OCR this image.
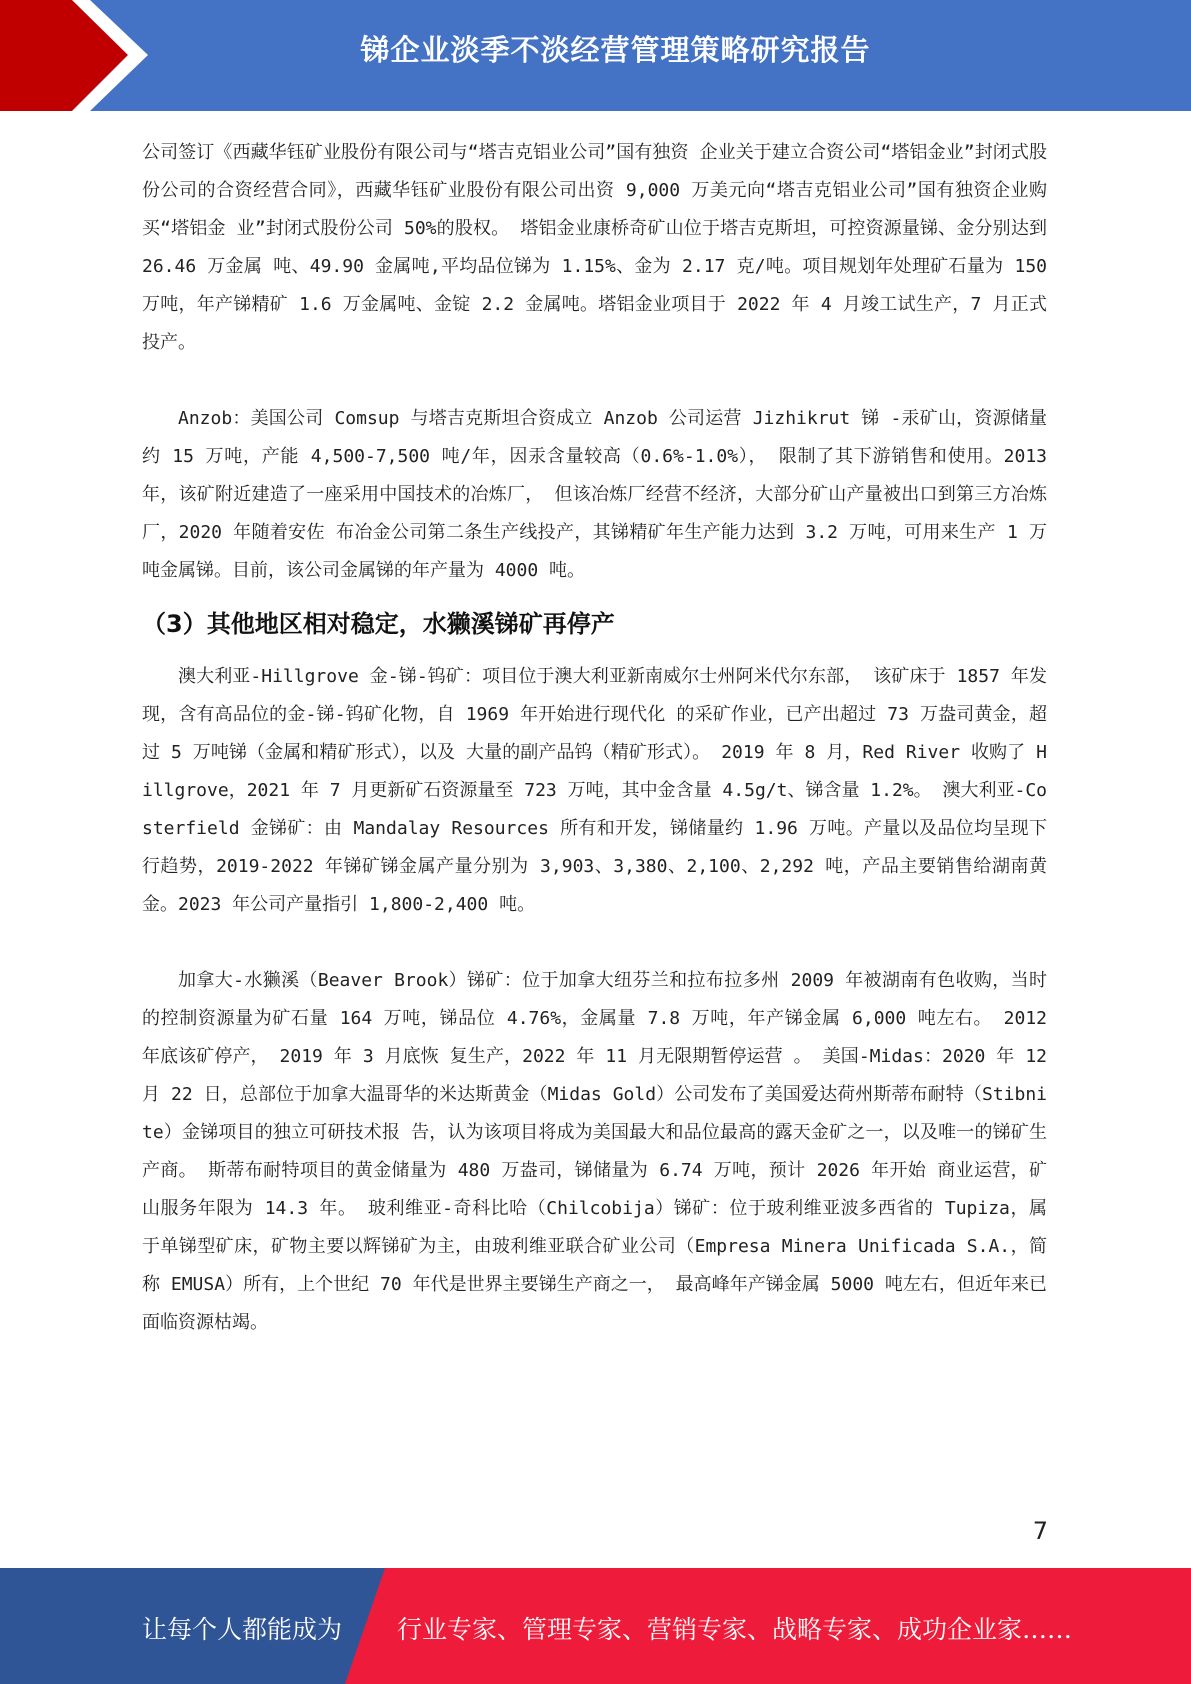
锑企业淡季不淡经营管理策略研究报告

公司签订《西藏华钰矿业股份有限公司与“塔吉克铝业公司”国有独资 企业关于建立合资公司“塔铝金业”封闭式股份公司的合资经营合同》，西藏华钰矿业股份有限公司出资 9,000 万美元向“塔吉克铝业公司”国有独资企业购买“塔铝金 业”封闭式股份公司 50%的股权。 塔铝金业康桥奇矿山位于塔吉克斯坦，可控资源量锑、金分别达到 26.46 万金属 吨、49.90 金属吨,平均品位锑为 1.15%、金为 2.17 克/吨。项目规划年处理矿石量为 150 万吨，年产锑精矿 1.6 万金属吨、金锭 2.2 金属吨。塔铝金业项目于 2022 年 4 月竣工试生产，7 月正式投产。

Anzob：美国公司 Comsup 与塔吉克斯坦合资成立 Anzob 公司运营 Jizhikrut 锑 -汞矿山，资源储量约 15 万吨，产能 4,500-7,500 吨/年，因汞含量较高（0.6%-1.0%）， 限制了其下游销售和使用。2013 年，该矿附近建造了一座采用中国技术的冶炼厂， 但该冶炼厂经营不经济，大部分矿山产量被出口到第三方冶炼厂，2020 年随着安佐 布冶金公司第二条生产线投产，其锑精矿年生产能力达到 3.2 万吨，可用来生产 1 万 吨金属锑。目前，该公司金属锑的年产量为 4000 吨。

（3）其他地区相对稳定，水獭溪锑矿再停产

澳大利亚-Hillgrove 金-锑-钨矿：项目位于澳大利亚新南威尔士州阿米代尔东部， 该矿床于 1857 年发现，含有高品位的金-锑-钨矿化物，自 1969 年开始进行现代化 的采矿作业，已产出超过 73 万盎司黄金，超过 5 万吨锑（金属和精矿形式），以及 大量的副产品钨（精矿形式）。 2019 年 8 月，Red River 收购了 Hillgrove，2021 年 7 月更新矿石资源量至 723 万吨，其中金含量 4.5g/t、锑含量 1.2%。 澳大利亚-Costerfield 金锑矿：由 Mandalay Resources 所有和开发，锑储量约 1.96 万吨。产量以及品位均呈现下行趋势，2019-2022 年锑矿锑金属产量分别为 3,903、3,380、2,100、2,292 吨，产品主要销售给湖南黄金。2023 年公司产量指引 1,800-2,400 吨。

加拿大-水獭溪（Beaver Brook）锑矿：位于加拿大纽芬兰和拉布拉多州 2009 年被湖南有色收购，当时的控制资源量为矿石量 164 万吨，锑品位 4.76%，金属量 7.8 万吨，年产锑金属 6,000 吨左右。 2012 年底该矿停产， 2019 年 3 月底恢 复生产，2022 年 11 月无限期暂停运营 。 美国-Midas：2020 年 12 月 22 日，总部位于加拿大温哥华的米达斯黄金（Midas Gold）公司发布了美国爱达荷州斯蒂布耐特（Stibnite）金锑项目的独立可研技术报 告，认为该项目将成为美国最大和品位最高的露天金矿之一，以及唯一的锑矿生产商。 斯蒂布耐特项目的黄金储量为 480 万盎司，锑储量为 6.74 万吨，预计 2026 年开始 商业运营，矿山服务年限为 14.3 年。 玻利维亚-奇科比哈（Chilcobija）锑矿：位于玻利维亚波多西省的 Tupiza，属 于单锑型矿床，矿物主要以辉锑矿为主，由玻利维亚联合矿业公司（Empresa Minera Unificada S.A.，简称 EMUSA）所有，上个世纪 70 年代是世界主要锑生产商之一， 最高峰年产锑金属 5000 吨左右，但近年来已面临资源枯竭。

7
让每个人都能成为 行业专家、管理专家、营销专家、战略专家、成功企业家……
